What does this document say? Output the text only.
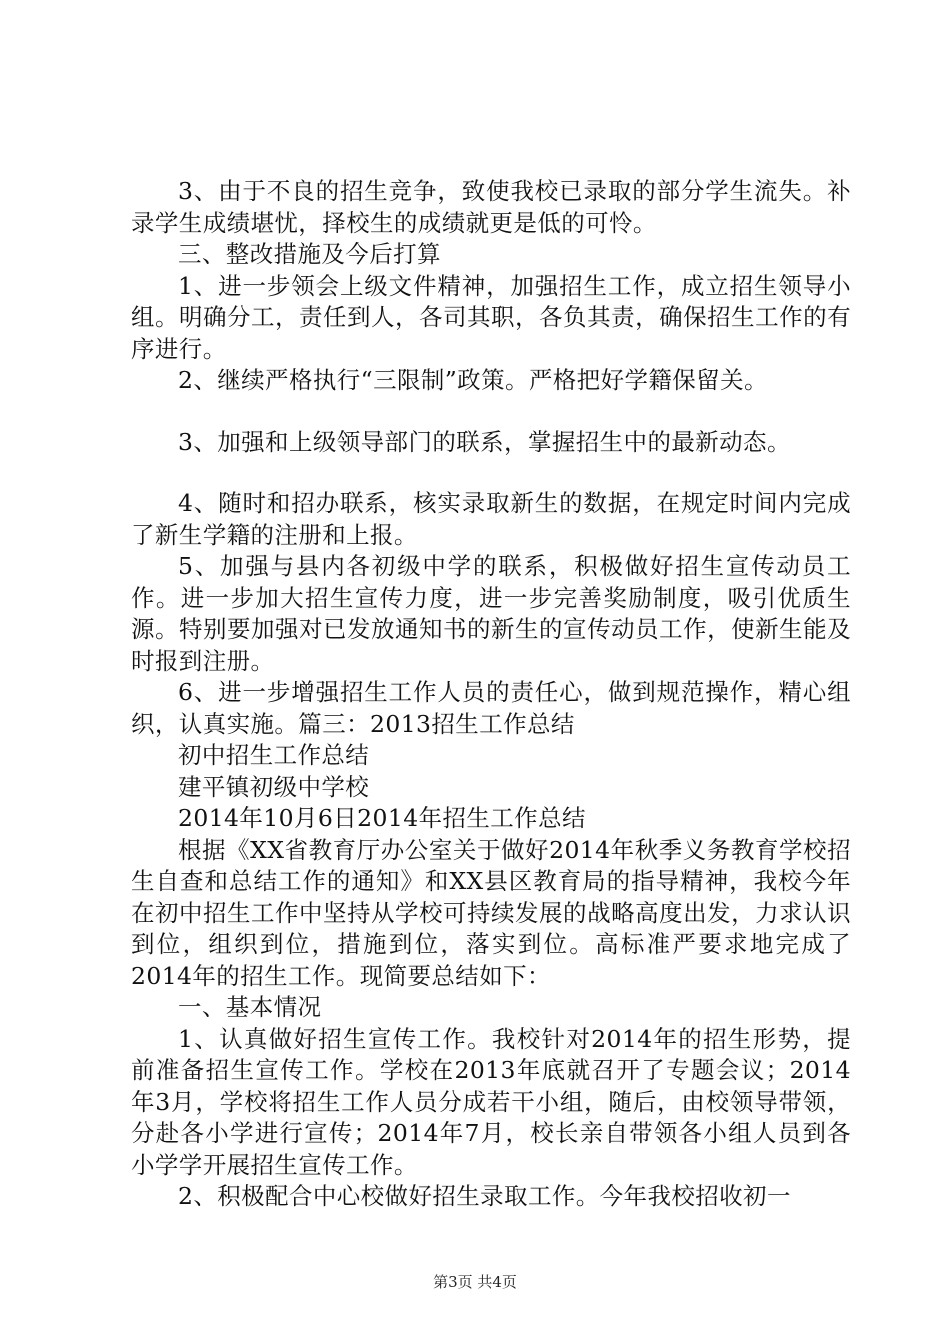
3、由于不良的招生竞争，致使我校已录取的部分学生流失。补录学生成绩堪忧，择校生的成绩就更是低的可怜。

三、整改措施及今后打算

1、进一步领会上级文件精神，加强招生工作，成立招生领导小组。明确分工，责任到人，各司其职，各负其责，确保招生工作的有序进行。

2、继续严格执行“三限制”政策。严格把好学籍保留关。

3、加强和上级领导部门的联系，掌握招生中的最新动态。

4、随时和招办联系，核实录取新生的数据，在规定时间内完成了新生学籍的注册和上报。

5、加强与县内各初级中学的联系，积极做好招生宣传动员工作。进一步加大招生宣传力度，进一步完善奖励制度，吸引优质生源。特别要加强对已发放通知书的新生的宣传动员工作，使新生能及时报到注册。

6、进一步增强招生工作人员的责任心，做到规范操作，精心组织，认真实施。篇三：2013招生工作总结

初中招生工作总结

建平镇初级中学校

2014年10月6日2014年招生工作总结

根据《XX省教育厅办公室关于做好2014年秋季义务教育学校招生自查和总结工作的通知》和XX县区教育局的指导精神，我校今年在初中招生工作中坚持从学校可持续发展的战略高度出发，力求认识到位，组织到位，措施到位，落实到位。高标准严要求地完成了2014年的招生工作。现简要总结如下：

一、基本情况

1、认真做好招生宣传工作。我校针对2014年的招生形势，提前准备招生宣传工作。学校在2013年底就召开了专题会议；2014年3月，学校将招生工作人员分成若干小组，随后，由校领导带领，分赴各小学进行宣传；2014年7月，校长亲自带领各小组人员到各小学学开展招生宣传工作。

2、积极配合中心校做好招生录取工作。今年我校招收初一

第3页 共4页
